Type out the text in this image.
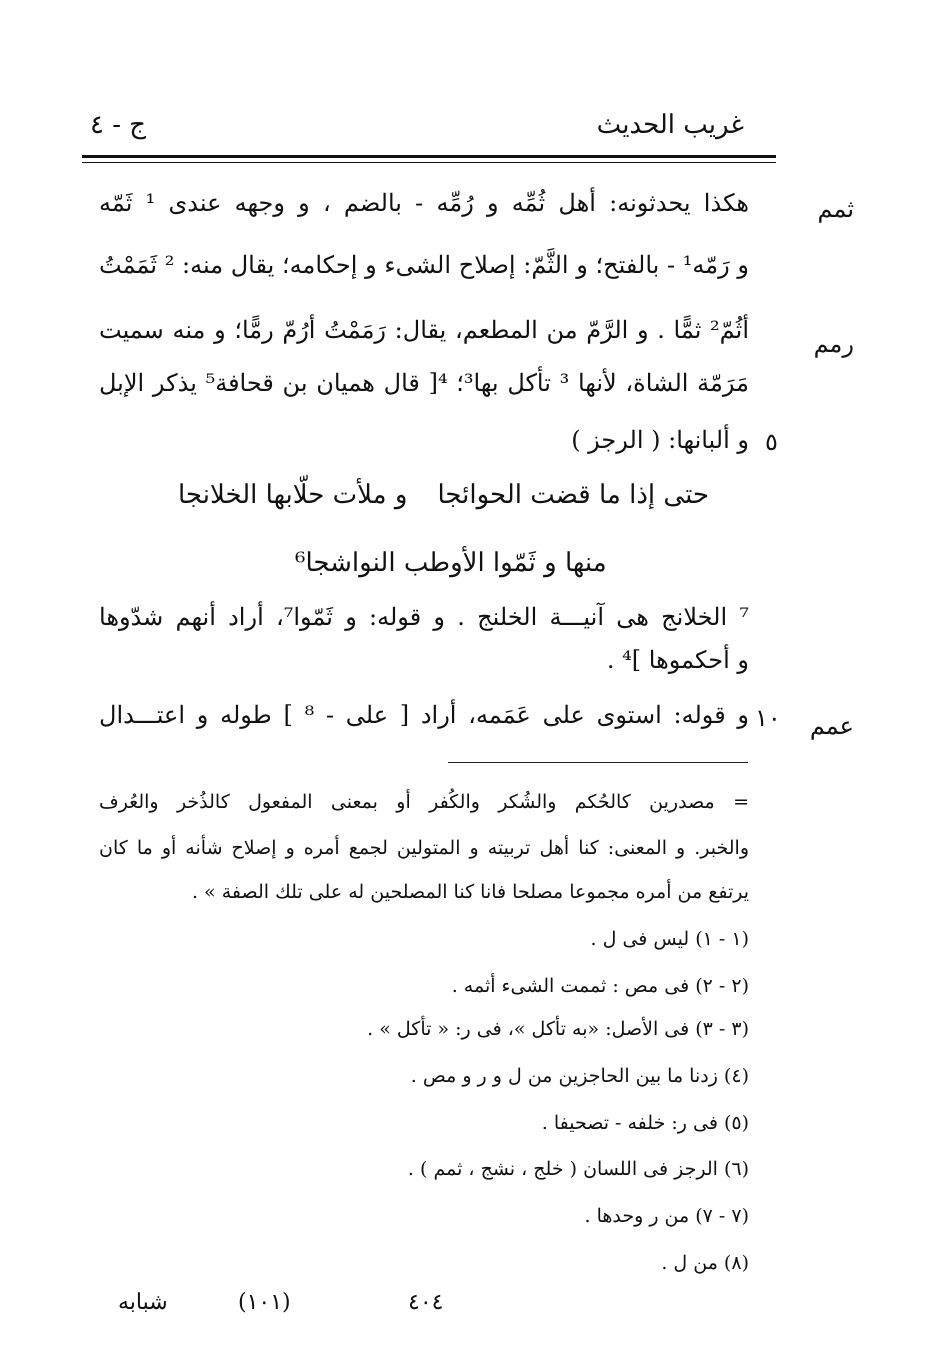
غريب الحديث
ج - ٤
ثمم
رمم
عمم
٥
١٠
هكذا يحدثونه: أهل ثُمِّه و رُمِّه - بالضم ، و وجهه عندى ¹ ثَمّه
و رَمّه¹ - بالفتح؛ و الثَّمّ: إصلاح الشىء و إحكامه؛ يقال منه: ² ثَمَمْتُ
أثُمّ² ثمًّا . و الرَّمّ من المطعم، يقال: رَمَمْتُ أرُمّ رمًّا؛ و منه سميت
مَرَمّة الشاة، لأنها ³ تأكل بها³؛ ⁴[ قال هميان بن قحافة⁵ يذكر الإبل
و ألبانها: ( الرجز )
حتى إذا ما قضت الحوائجا
و ملأت حلّابها الخلانجا
منها و ثَمّوا الأوطب النواشجا⁶
⁷ الخلانج هى آنيـــة الخلنج . و قوله: و ثَمّوا⁷، أراد أنهم شدّوها
و أحكموها ]⁴ .
و قوله: استوى على عَمَمه، أراد [ على - ⁸ ] طوله و اعتـــدال
= مصدرين كالحُكم والشُكر والكُفر أو بمعنى المفعول كالذُخر والعُرف
والخبر. و المعنى: كنا أهل تربيته و المتولين لجمع أمره و إصلاح شأنه أو ما كان
يرتفع من أمره مجموعا مصلحا فانا كنا المصلحين له على تلك الصفة » .
(١ - ١) ليس فى ل .
(٢ - ٢) فى مص : ثممت الشىء أثمه .
(٣ - ٣) فى الأصل: «به تأكل »، فى ر: « تأكل » .
(٤) زدنا ما بين الحاجزين من ل و ر و مص .
(٥) فى ر: خلفه - تصحيفا .
(٦) الرجز فى اللسان ( خلج ، نشج ، ثمم ) .
(٧ - ٧) من ر وحدها .
(٨) من ل .
٤٠٤
(١٠١)
شبابه
